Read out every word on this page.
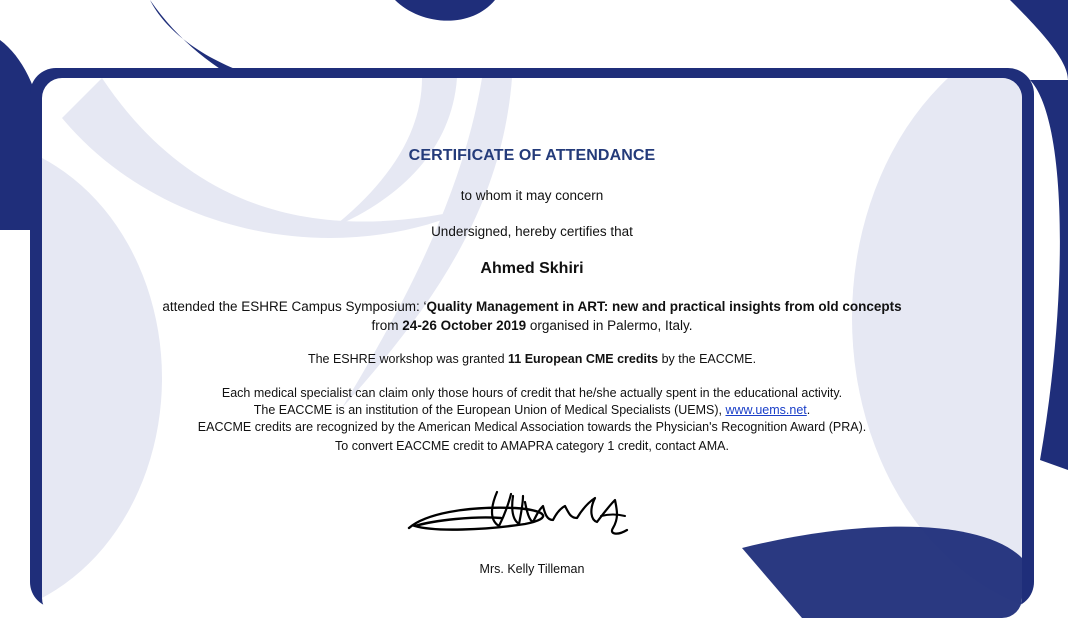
CERTIFICATE OF ATTENDANCE
to whom it may concern
Undersigned, hereby certifies that
Ahmed Skhiri
attended the ESHRE Campus Symposium: ‘Quality Management in ART: new and practical insights from old concepts
from 24-26 October 2019 organised in Palermo, Italy.
The ESHRE workshop was granted 11 European CME credits by the EACCME.
Each medical specialist can claim only those hours of credit that he/she actually spent in the educational activity.
The EACCME is an institution of the European Union of Medical Specialists (UEMS), www.uems.net.
EACCME credits are recognized by the American Medical Association towards the Physician's Recognition Award (PRA).
To convert EACCME credit to AMAPRA category 1 credit, contact AMA.
Mrs. Kelly Tilleman
